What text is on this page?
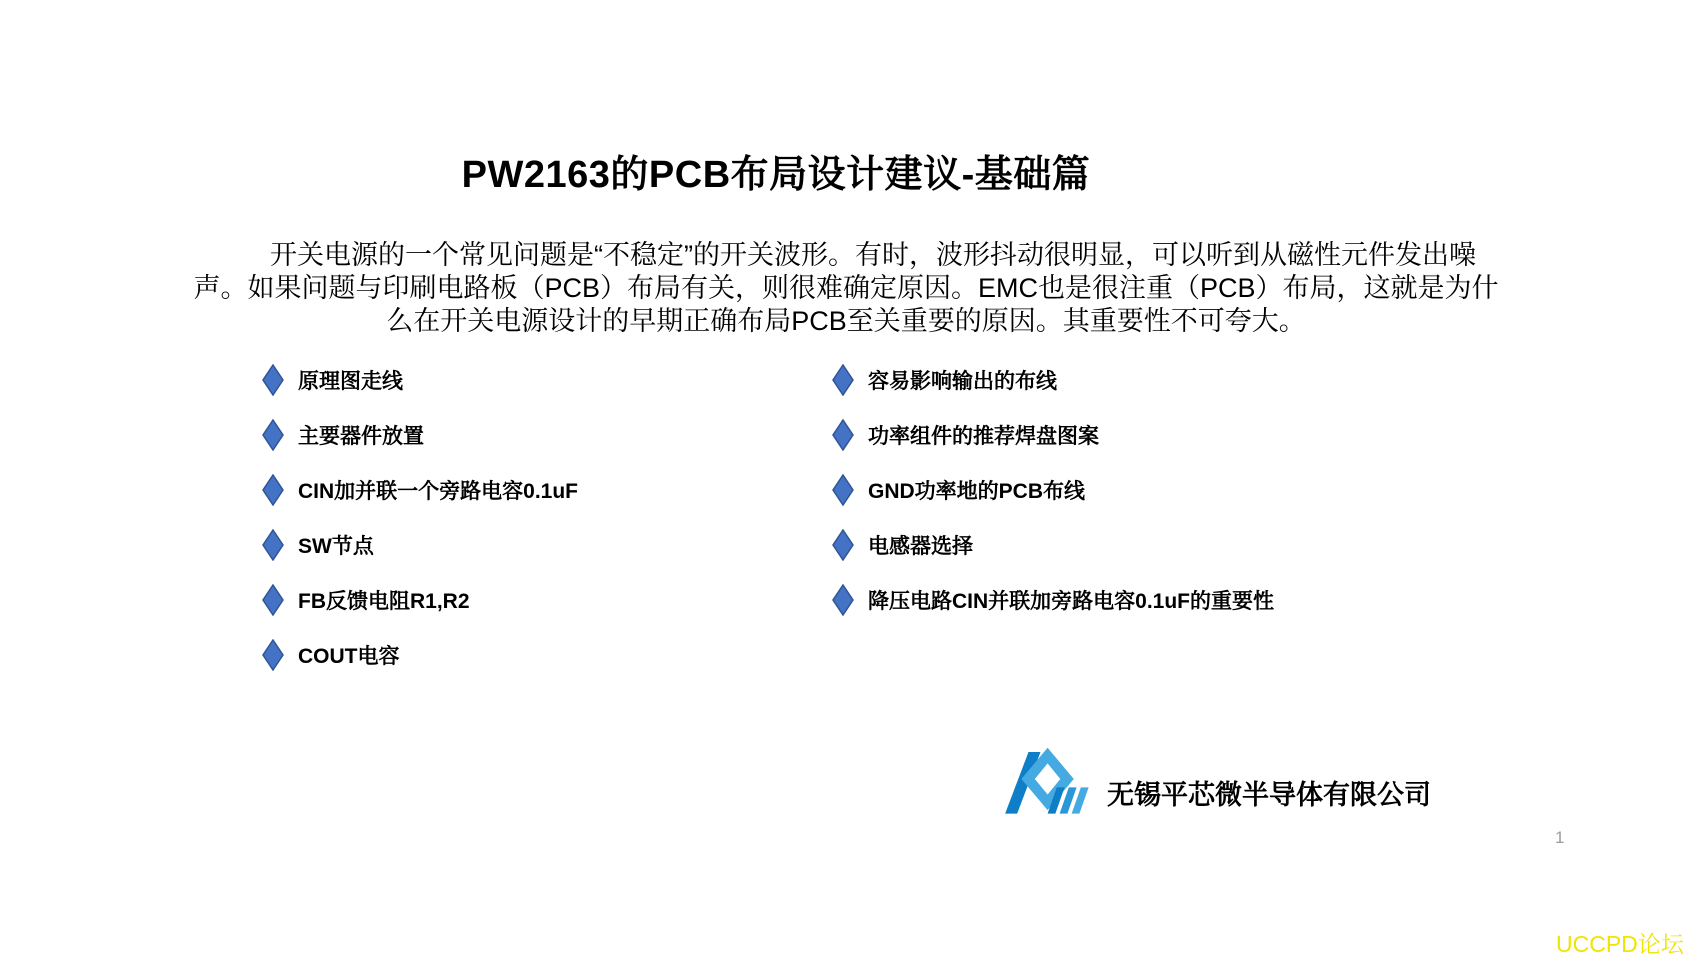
PW2163的PCB布局设计建议-基础篇

开关电源的一个常见问题是“不稳定”的开关波形。有时，波形抖动很明显，可以听到从磁性元件发出噪声。如果问题与印刷电路板（PCB）布局有关，则很难确定原因。EMC也是很注重（PCB）布局，这就是为什么在开关电源设计的早期正确布局PCB至关重要的原因。其重要性不可夸大。

原理图走线
主要器件放置
CIN加并联一个旁路电容0.1uF
SW节点
FB反馈电阻R1,R2
COUT电容
容易影响输出的布线
功率组件的推荐焊盘图案
GND功率地的PCB布线
电感器选择
降压电路CIN并联加旁路电容0.1uF的重要性
无锡平芯微半导体有限公司
1
UCCPD论坛
